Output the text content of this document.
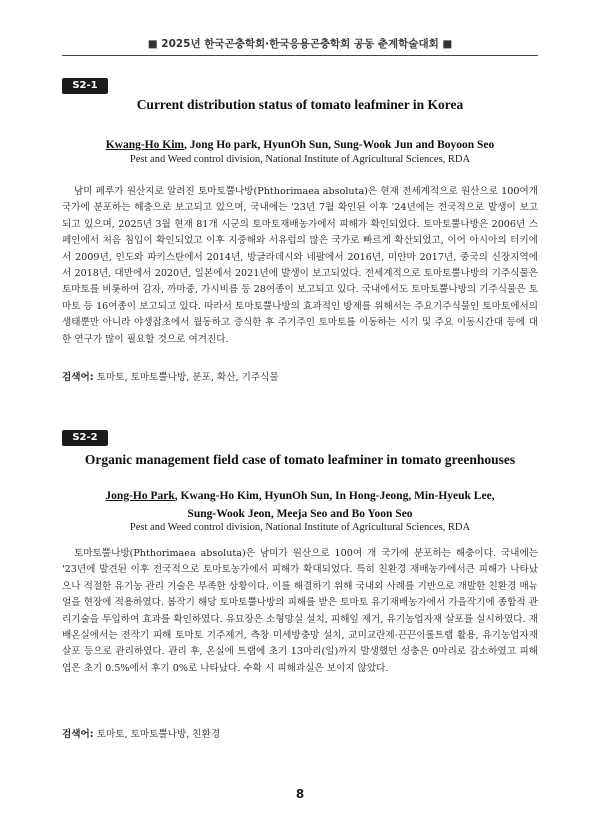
■ 2025년 한국곤충학회·한국응용곤충학회 공동 춘계학술대회 ■
S2-1
Current distribution status of tomato leafminer in Korea
Kwang-Ho Kim, Jong Ho park, HyunOh Sun, Sung-Wook Jun and Boyoon Seo
Pest and Weed control division, National Institute of Agricultural Sciences, RDA

남미 페루가 원산지로 알려진 토마토뿔나방(Phthorimaea absoluta)은 현재 전세계적으로 원산으로 100여개 국가에 분포하는 해충으로 보고되고 있으며, 국내에는 '23년 7월 확인된 이후 '24년에는 전국적으로 발생이 보고되고 있으며, 2025년 3월 현재 81개 시군의 토마토재배농가에서 피해가 확인되었다. 토마토뿔나방은 2006년 스페인에서 처음 침입이 확인되었고 이후 지중해와 서유럽의 많은 국가로 빠르게 확산되었고, 이어 아시아의 터키에서 2009년, 인도와 파키스탄에서 2014년, 방글라데시와 네팔에서 2016년, 미얀마 2017년, 중국의 신장지역에서 2018년, 대만에서 2020년, 일본에서 2021년에 발생이 보고되었다. 전세계적으로 토마토뿔나방의 기주식물은 토마토를 비롯하여 감자, 까마중, 가시비름 등 28여종이 보고되고 있다. 국내에서도 토마토뿔나방의 기주식물은 토마토 등 16여종이 보고되고 있다. 따라서 토마토뿔나방의 효과적인 방제를 위해서는 주요기주식물인 토마토에서의 생태뿐만 아니라 야생잡초에서 월동하고 증식한 후 주기주인 토마토를 이동하는 시기 및 주요 이동시간대 등에 대한 연구가 많이 필요할 것으로 여겨진다.

검색어: 토마토, 토마토뿔나방, 분포, 확산, 기주식물
S2-2
Organic management field case of tomato leafminer in tomato greenhouses
Jong-Ho Park, Kwang-Ho Kim, HyunOh Sun, In Hong-Jeong, Min-Hyeuk Lee,
Sung-Wook Jeon, Meeja Seo and Bo Yoon Seo
Pest and Weed control division, National Institute of Agricultural Sciences, RDA

토마토뿔나방(Phthorimaea absoluta)은 남미가 원산으로 100여 개 국가에 분포하는 해충이다. 국내에는 '23년에 발견된 이후 전국적으로 토마토농가에서 피해가 확대되었다. 특히 친환경 재배농가에서큰 피해가 나타났으나 적절한 유기농 관리 기술은 부족한 상황이다. 이를 해결하기 위해 국내외 사례를 기반으로 개발한 친환경 매뉴얼을 현장에 적용하였다. 봄작기 해당 토마토뿔나방의 피해를 받은 토마토 유기재배농가에서 가을작기에 종합적 관리기술을 투입하여 효과를 확인하였다. 유묘장은 소형망실 설치, 피해잎 제거, 유기농업자재 살포를 실시하였다. 재배온실에서는 전작기 피해 토마토 기주제거, 측창 미세방충망 설치, 교미교란제·끈끈이롤트랩 활용, 유기농업자재 살포 등으로 관리하였다. 관리 후, 온실에 트랩에 초기 13마리(일)까지 발생했던 성충은 0마리로 감소하였고 피해엽은 초기 0.5%에서 후기 0%로 나타났다. 수확 시 피해과실은 보이지 않았다.

검색어: 토마토, 토마토뿔나방, 친환경
8
